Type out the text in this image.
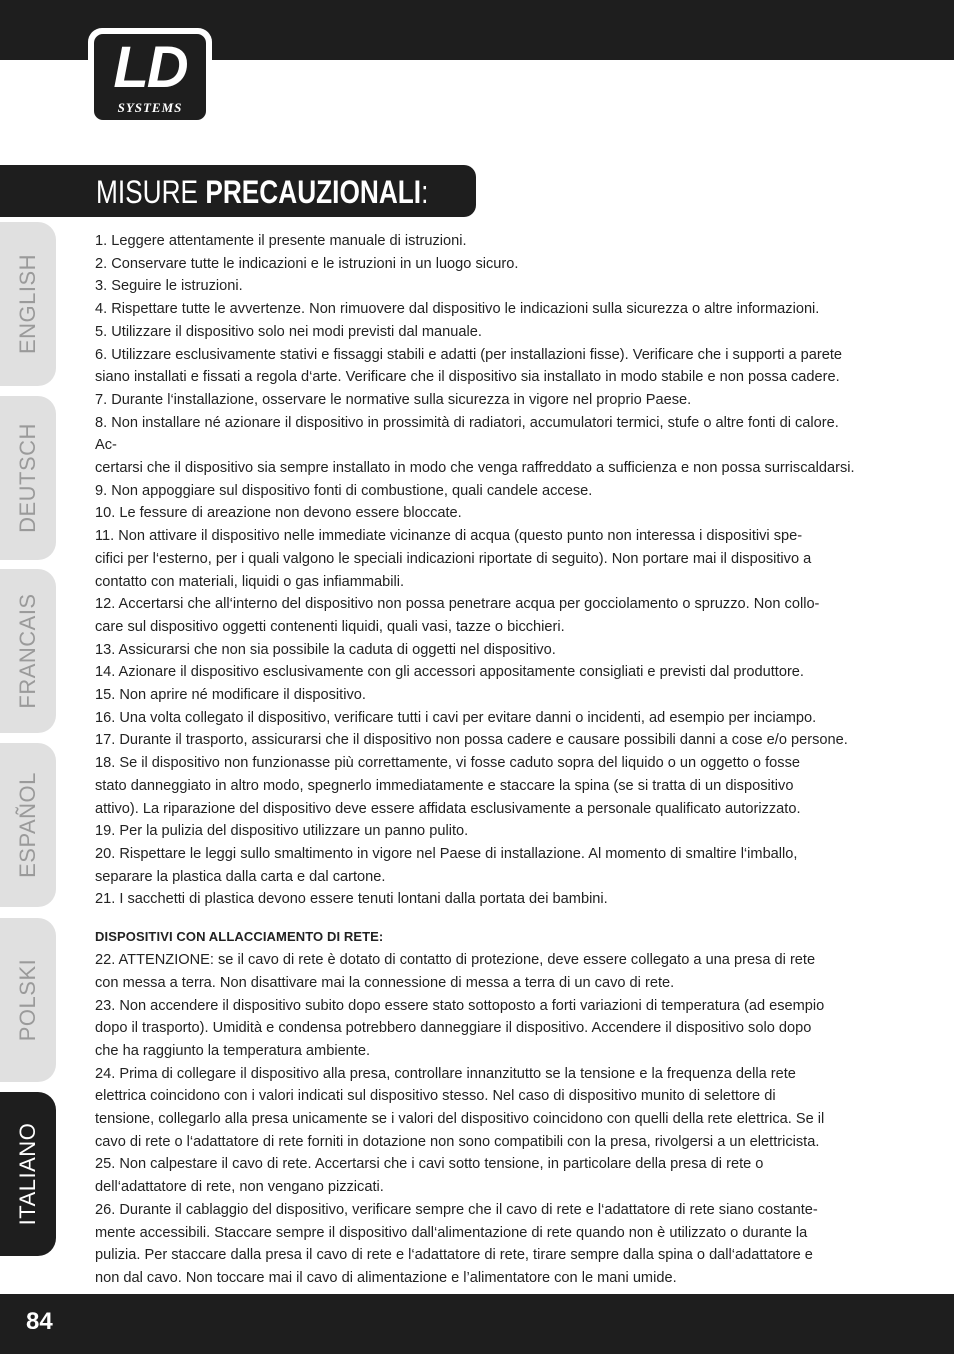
LD
SYSTEMS
MISURE PRECAUZIONALI:
ENGLISH
DEUTSCH
FRANCAIS
ESPAÑOL
POLSKI
ITALIANO

1. Leggere attentamente il presente manuale di istruzioni.

2. Conservare tutte le indicazioni e le istruzioni in un luogo sicuro.

3. Seguire le istruzioni.

4. Rispettare tutte le avvertenze. Non rimuovere dal dispositivo le indicazioni sulla sicurezza o altre informazioni.

5. Utilizzare il dispositivo solo nei modi previsti dal manuale.

6. Utilizzare esclusivamente stativi e fissaggi stabili e adatti (per installazioni fisse). Verificare che i supporti a parete
siano installati e fissati a regola d‘arte. Verificare che il dispositivo sia installato in modo stabile e non possa cadere.

7. Durante l‘installazione, osservare le normative sulla sicurezza in vigore nel proprio Paese.

8. Non installare né azionare il dispositivo in prossimità di radiatori, accumulatori termici, stufe o altre fonti di calore. Ac-
certarsi che il dispositivo sia sempre installato in modo che venga raffreddato a sufficienza e non possa surriscaldarsi.

9. Non appoggiare sul dispositivo fonti di combustione, quali candele accese.

10. Le fessure di areazione non devono essere bloccate.

11. Non attivare il dispositivo nelle immediate vicinanze di acqua (questo punto non interessa i dispositivi spe-
cifici per l‘esterno, per i quali valgono le speciali indicazioni riportate di seguito). Non portare mai il dispositivo a
contatto con materiali, liquidi o gas infiammabili.

12. Accertarsi che all‘interno del dispositivo non possa penetrare acqua per gocciolamento o spruzzo. Non collo-
care sul dispositivo oggetti contenenti liquidi, quali vasi, tazze o bicchieri.

13. Assicurarsi che non sia possibile la caduta di oggetti nel dispositivo.

14. Azionare il dispositivo esclusivamente con gli accessori appositamente consigliati e previsti dal produttore.

15. Non aprire né modificare il dispositivo.

16. Una volta collegato il dispositivo, verificare tutti i cavi per evitare danni o incidenti, ad esempio per inciampo.

17. Durante il trasporto, assicurarsi che il dispositivo non possa cadere e causare possibili danni a cose e/o persone.

18. Se il dispositivo non funzionasse più correttamente, vi fosse caduto sopra del liquido o un oggetto o fosse
stato danneggiato in altro modo, spegnerlo immediatamente e staccare la spina (se si tratta di un dispositivo
attivo). La riparazione del dispositivo deve essere affidata esclusivamente a personale qualificato autorizzato.

19. Per la pulizia del dispositivo utilizzare un panno pulito.

20. Rispettare le leggi sullo smaltimento in vigore nel Paese di installazione. Al momento di smaltire l‘imballo,
separare la plastica dalla carta e dal cartone.

21. I sacchetti di plastica devono essere tenuti lontani dalla portata dei bambini.

DISPOSITIVI CON ALLACCIAMENTO DI RETE:

22. ATTENZIONE: se il cavo di rete è dotato di contatto di protezione, deve essere collegato a una presa di rete
con messa a terra. Non disattivare mai la connessione di messa a terra di un cavo di rete.

23. Non accendere il dispositivo subito dopo essere stato sottoposto a forti variazioni di temperatura (ad esempio
dopo il trasporto). Umidità e condensa potrebbero danneggiare il dispositivo. Accendere il dispositivo solo dopo
che ha raggiunto la temperatura ambiente.

24. Prima di collegare il dispositivo alla presa, controllare innanzitutto se la tensione e la frequenza della rete
elettrica coincidono con i valori indicati sul dispositivo stesso. Nel caso di dispositivo munito di selettore di
tensione, collegarlo alla presa unicamente se i valori del dispositivo coincidono con quelli della rete elettrica. Se il
cavo di rete o l‘adattatore di rete forniti in dotazione non sono compatibili con la presa, rivolgersi a un elettricista.

25. Non calpestare il cavo di rete. Accertarsi che i cavi sotto tensione, in particolare della presa di rete o
dell‘adattatore di rete, non vengano pizzicati.

26. Durante il cablaggio del dispositivo, verificare sempre che il cavo di rete e l‘adattatore di rete siano costante-
mente accessibili. Staccare sempre il dispositivo dall‘alimentazione di rete quando non è utilizzato o durante la
pulizia. Per staccare dalla presa il cavo di rete e l‘adattatore di rete, tirare sempre dalla spina o dall‘adattatore e
non dal cavo. Non toccare mai il cavo di alimentazione e l’alimentatore con le mani umide.

84
